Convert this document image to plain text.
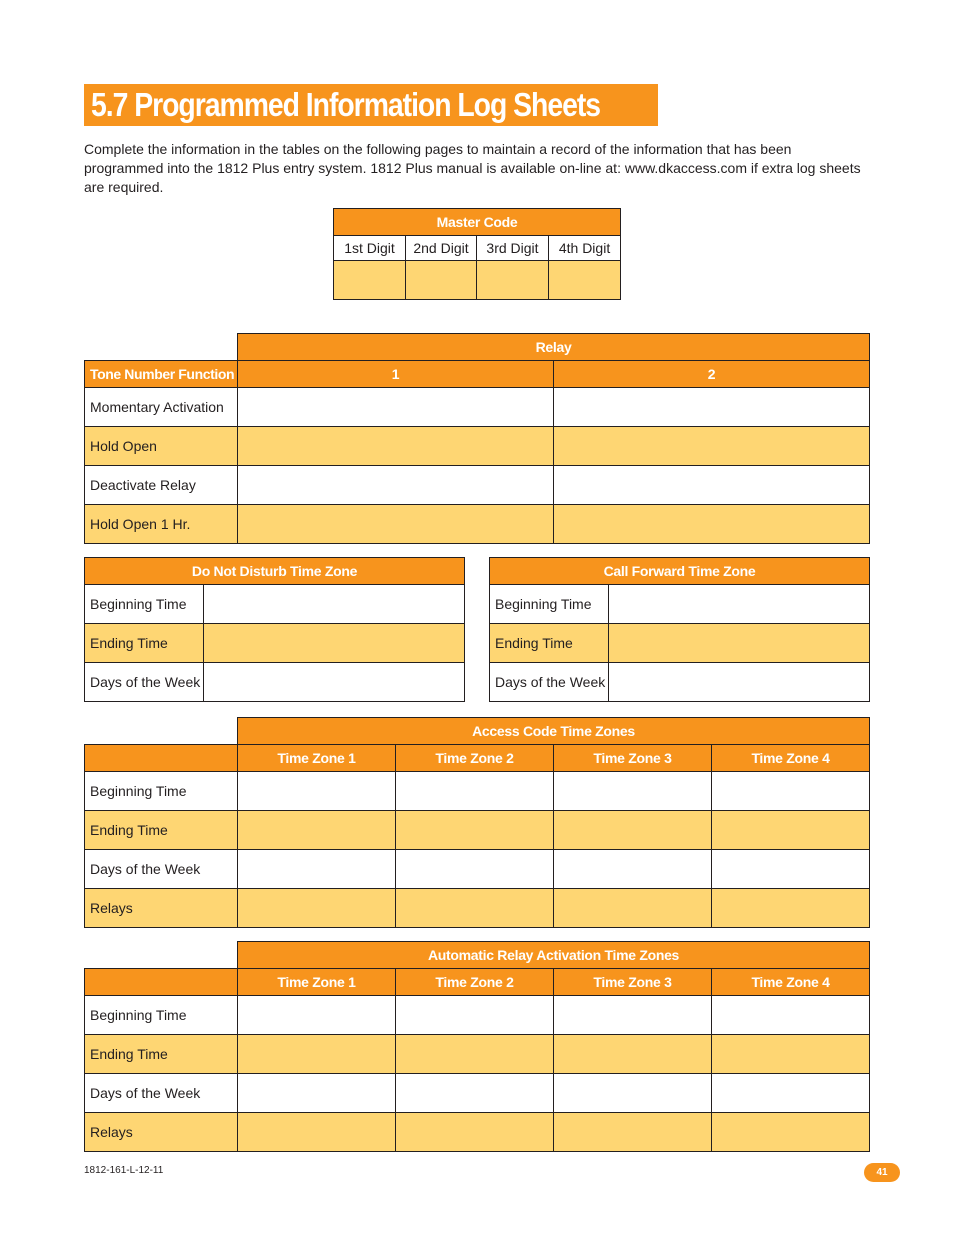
5.7 Programmed Information Log Sheets
Complete the information in the tables on the following pages to maintain a record of the information that has been programmed into the 1812 Plus entry system. 1812 Plus manual is available on-line at: www.dkaccess.com if extra log sheets are required.
Master Code			
1st Digit	2nd Digit	3rd Digit	4th Digit

	Relay	
Tone Number Function	1	2
Momentary Activation		
Hold Open		
Deactivate Relay		
Hold Open 1 Hr.		
Do Not Disturb Time Zone	
Beginning Time	
Ending Time	
Days of the Week	
Call Forward Time Zone	
Beginning Time	
Ending Time	
Days of the Week	
	Access Code Time Zones			
	Time Zone 1	Time Zone 2	Time Zone 3	Time Zone 4
Beginning Time				
Ending Time				
Days of the Week				
Relays				
	Automatic Relay Activation Time Zones			
	Time Zone 1	Time Zone 2	Time Zone 3	Time Zone 4
Beginning Time				
Ending Time				
Days of the Week				
Relays				
1812-161-L-12-11	41
